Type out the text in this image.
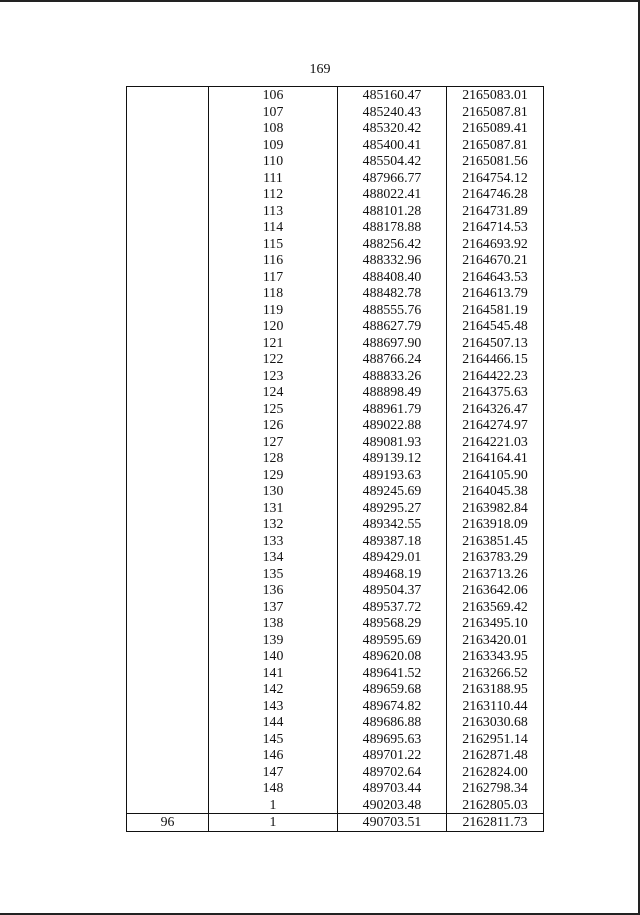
169
	106	485160.47	2165083.01
	107	485240.43	2165087.81
	108	485320.42	2165089.41
	109	485400.41	2165087.81
	110	485504.42	2165081.56
	111	487966.77	2164754.12
	112	488022.41	2164746.28
	113	488101.28	2164731.89
	114	488178.88	2164714.53
	115	488256.42	2164693.92
	116	488332.96	2164670.21
	117	488408.40	2164643.53
	118	488482.78	2164613.79
	119	488555.76	2164581.19
	120	488627.79	2164545.48
	121	488697.90	2164507.13
	122	488766.24	2164466.15
	123	488833.26	2164422.23
	124	488898.49	2164375.63
	125	488961.79	2164326.47
	126	489022.88	2164274.97
	127	489081.93	2164221.03
	128	489139.12	2164164.41
	129	489193.63	2164105.90
	130	489245.69	2164045.38
	131	489295.27	2163982.84
	132	489342.55	2163918.09
	133	489387.18	2163851.45
	134	489429.01	2163783.29
	135	489468.19	2163713.26
	136	489504.37	2163642.06
	137	489537.72	2163569.42
	138	489568.29	2163495.10
	139	489595.69	2163420.01
	140	489620.08	2163343.95
	141	489641.52	2163266.52
	142	489659.68	2163188.95
	143	489674.82	2163110.44
	144	489686.88	2163030.68
	145	489695.63	2162951.14
	146	489701.22	2162871.48
	147	489702.64	2162824.00
	148	489703.44	2162798.34
	1	490203.48	2162805.03
96	1	490703.51	2162811.73
